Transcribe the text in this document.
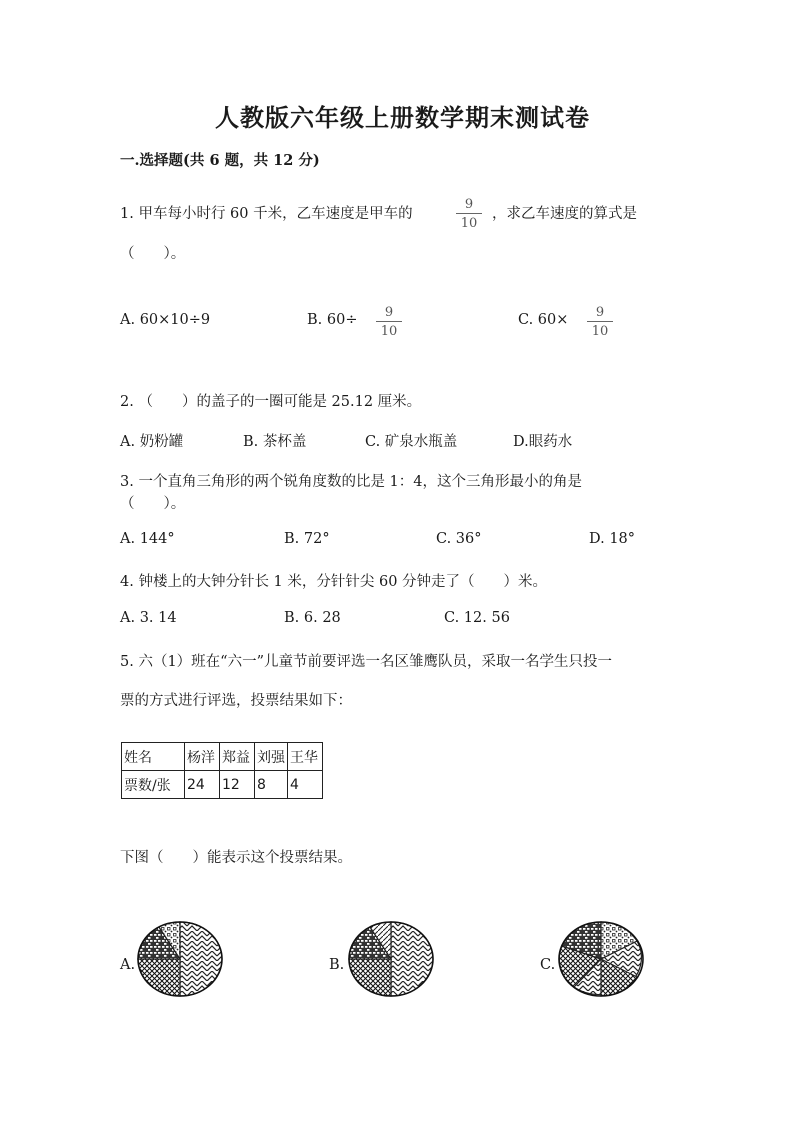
人教版六年级上册数学期末测试卷
一.选择题(共 6 题，共 12 分)
1. 甲车每小时行 60 千米，乙车速度是甲车的
9
10
，求乙车速度的算式是
（　　）。
A. 60×10÷9	B. 60÷	9
10
C. 60×	9
10
2. （　　）的盖子的一圈可能是 25.12 厘米。
A. 奶粉罐	B. 茶杯盖	C. 矿泉水瓶盖	D.眼药水
3. 一个直角三角形的两个锐角度数的比是 1：4，这个三角形最小的角是
（　　）。
A. 144°	B. 72°	C. 36°	D. 18°
4. 钟楼上的大钟分针长 1 米，分针针尖 60 分钟走了（　　）米。
A. 3. 14	B. 6. 28	C. 12. 56
5. 六（1）班在“六一”儿童节前要评选一名区雏鹰队员，采取一名学生只投一
票的方式进行评选，投票结果如下：
姓名	杨洋	郑益	刘强	王华
票数/张	24	12	8	4
下图（　　）能表示这个投票结果。
A.	B.	C.
